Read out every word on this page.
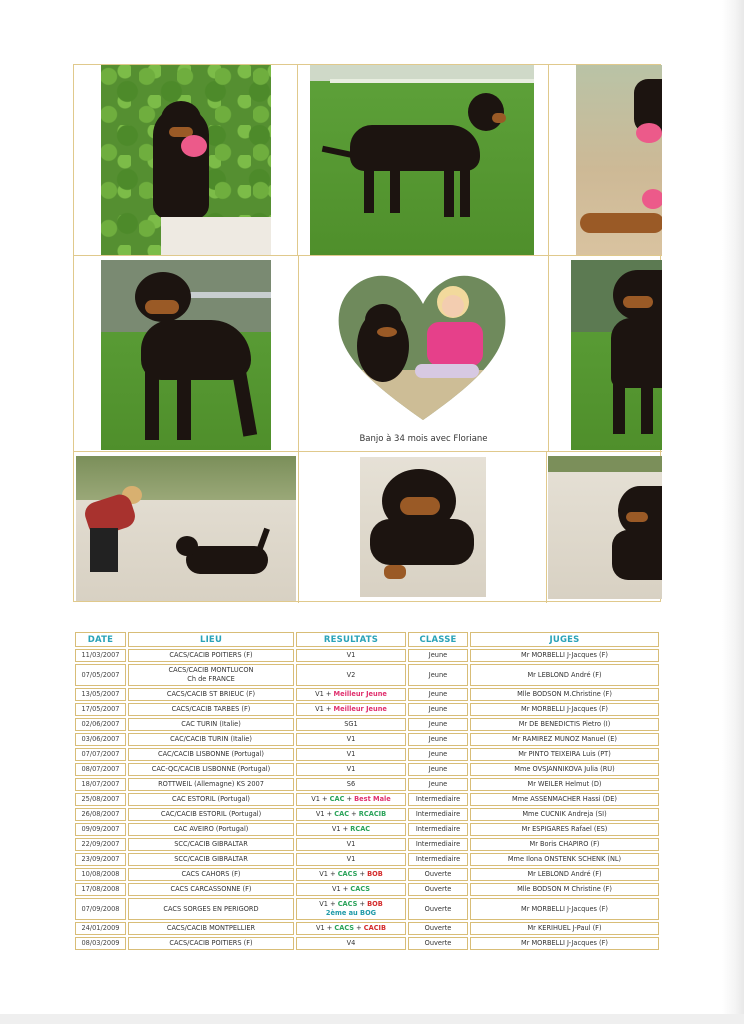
Banjo à 34 mois avec Floriane
DATE	LIEU	RESULTATS	CLASSE	JUGES
11/03/2007	CACS/CACIB POITIERS (F)	V1	Jeune	Mr MORBELLI J-Jacques (F)
07/05/2007	CACS/CACIB MONTLUCON
Ch de FRANCE	V2	Jeune	Mr LEBLOND André (F)
13/05/2007	CACS/CACIB ST BRIEUC (F)	V1 + Meilleur Jeune	Jeune	Mlle BODSON M.Christine (F)
17/05/2007	CACS/CACIB TARBES (F)	V1 + Meilleur Jeune	Jeune	Mr MORBELLI J-Jacques (F)
02/06/2007	CAC TURIN (Italie)	SG1	Jeune	Mr DE BENEDICTIS Pietro (I)
03/06/2007	CAC/CACIB TURIN (Italie)	V1	Jeune	Mr RAMIREZ MUNOZ Manuel (E)
07/07/2007	CAC/CACIB LISBONNE (Portugal)	V1	Jeune	Mr PINTO TEIXEIRA Luis (PT)
08/07/2007	CAC-QC/CACIB LISBONNE (Portugal)	V1	Jeune	Mme OVSJANNIKOVA Julia (RU)
18/07/2007	ROTTWEIL (Allemagne) KS 2007	S6	Jeune	Mr WEILER Helmut (D)
25/08/2007	CAC ESTORIL (Portugal)	V1 + CAC + Best Male	Intermediaire	Mme ASSENMACHER Hassi (DE)
26/08/2007	CAC/CACIB ESTORIL (Portugal)	V1 + CAC + RCACIB	Intermediaire	Mme CUCNIK Andreja (SI)
09/09/2007	CAC AVEIRO (Portugal)	V1 + RCAC	Intermediaire	Mr ESPIGARES Rafael (ES)
22/09/2007	SCC/CACIB GIBRALTAR	V1	Intermediaire	Mr Boris CHAPIRO (F)
23/09/2007	SCC/CACIB GIBRALTAR	V1	Intermediaire	Mme Ilona ONSTENK SCHENK (NL)
10/08/2008	CACS CAHORS (F)	V1 + CACS + BOB	Ouverte	Mr LEBLOND André (F)
17/08/2008	CACS CARCASSONNE (F)	V1 + CACS	Ouverte	Mlle BODSON M Christine (F)
07/09/2008	CACS SORGES EN PERIGORD	V1 + CACS + BOB
2ème au BOG	Ouverte	Mr MORBELLI J-Jacques (F)
24/01/2009	CACS/CACIB MONTPELLIER	V1 + CACS + CACIB	Ouverte	Mr KERIHUEL J-Paul (F)
08/03/2009	CACS/CACIB POITIERS (F)	V4	Ouverte	Mr MORBELLI J-Jacques (F)
